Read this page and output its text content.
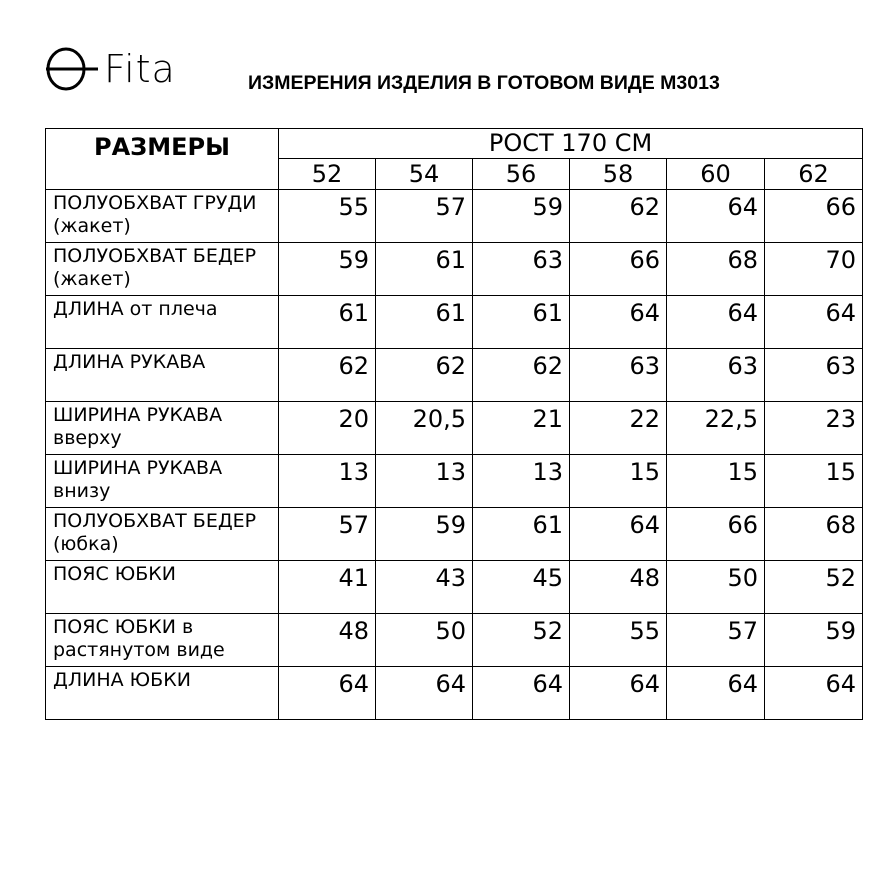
Fita	ИЗМЕРЕНИЯ ИЗДЕЛИЯ В ГОТОВОМ ВИДЕ М3013
РАЗМЕРЫ	РОСТ 170 СМ					
	52	54	56	58	60	62
ПОЛУОБХВАТ ГРУДИ (жакет)	55	57	59	62	64	66
ПОЛУОБХВАТ БЕДЕР (жакет)	59	61	63	66	68	70
ДЛИНА от плеча	61	61	61	64	64	64
ДЛИНА РУКАВА	62	62	62	63	63	63
ШИРИНА РУКАВА вверху	20	20,5	21	22	22,5	23
ШИРИНА РУКАВА внизу	13	13	13	15	15	15
ПОЛУОБХВАТ БЕДЕР (юбка)	57	59	61	64	66	68
ПОЯС ЮБКИ	41	43	45	48	50	52
ПОЯС ЮБКИ в растянутом виде	48	50	52	55	57	59
ДЛИНА ЮБКИ	64	64	64	64	64	64
